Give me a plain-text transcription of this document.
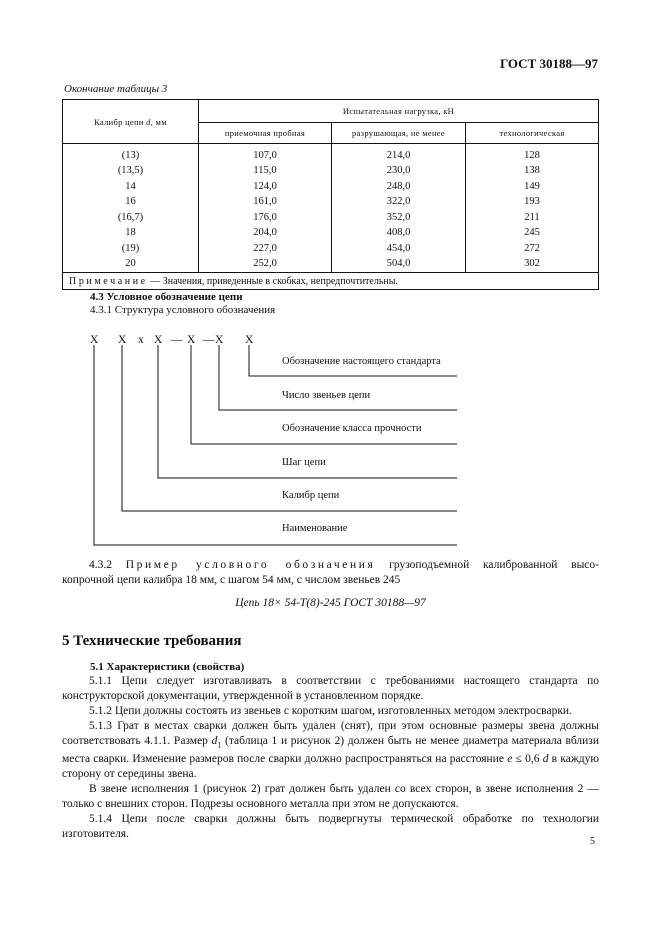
ГОСТ 30188—97
Окончание таблицы 3
Калибр цепи d, мм	Испытательная нагрузка, кН		
	приемочная пробная	разрушающая, не менее	технологическая
(13)	107,0	214,0	128
(13,5)	115,0	230,0	138
14	124,0	248,0	149
16	161,0	322,0	193
(16,7)	176,0	352,0	211
18	204,0	408,0	245
(19)	227,0	454,0	272
20	252,0	504,0	302
Примечание — Значения, приведенные в скобках, непредпочтительны.			
4.3 Условное обозначение цепи
4.3.1 Структура условного обозначения
X X x X — X — X X
Обозначение настоящего стандарта
Число звеньев цепи
Обозначение класса прочности
Шаг цепи
Калибр цепи
Наименование
4.3.2 Пример условного обозначения грузоподъемной калиброванной высо-
копрочной цепи калибра 18 мм, с шагом 54 мм, с числом звеньев 245
Цепь 18× 54-Т(8)-245 ГОСТ 30188—97
5 Технические требования
5.1 Характеристики (свойства)
5.1.1 Цепи следует изготавливать в соответствии с требованиями настоящего стандарта по конструкторской документации, утвержденной в установленном порядке.
5.1.2 Цепи должны состоять из звеньев с коротким шагом, изготовленных методом электросварки.
5.1.3 Грат в местах сварки должен быть удален (снят), при этом основные размеры звена должны соответствовать 4.1.1. Размер $d_1$ (таблица 1 и рисунок 2) должен быть не менее диаметра материала вблизи места сварки. Изменение размеров после сварки должно распространяться на расстояние е ≤ 0,6 d в каждую сторону от середины звена.
В звене исполнения 1 (рисунок 2) грат должен быть удален со всех сторон, в звене исполнения 2 — только с внешних сторон. Подрезы основного металла при этом не допускаются.
5.1.4 Цепи после сварки должны быть подвергнуты термической обработке по технологии изготовителя.
5
